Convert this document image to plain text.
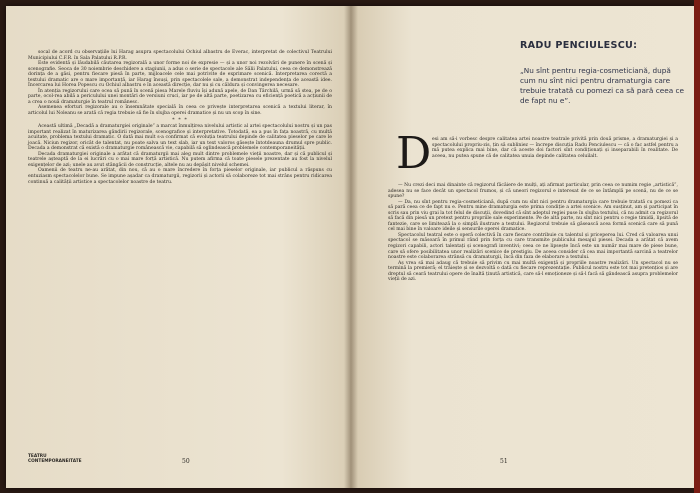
socal de acord cu observațiile lui Harag asupra spectacolului Ochiul albastru de Everac, interpretat de colectivul Teatrului Municipiului C.F.R. în Sala Palatului R.P.R.

Este evidentă și lăudabilă căutarea regizorală a unor forme noi de expresie — și a unor noi rezolvări de punere în scenă și scenografie. Seoca de 30 noiembrie deschidere a stagiunii, a adus o serie de spectacole ale Sălii Palatului, ceea ce demonstrează dorința de a găsi, pentru fiecare piesă în parte, mijloacele cele mai potrivite de exprimare scenică. Interpretarea corectă a textului dramatic are o mare importanță, iar Harag însuși, prin spectacolele sale, a demonstrat independența de această idee. Încercarea lui Horea Popescu cu Ochiul albastru e în această direcție, dar nu și cu căldura și convingerea necesare.

În atenția regizorului care ocea să pună în scenă piesa Marele fluviu își adună apele, de Dan Tărchilă, urmă să stea, pe de o parte, ocol-rea abilă a periculului unei montări de versiuni cruci, iar pe de altă parte, poetizarea cu eficiență poetică a acțiunii de a crea o nouă dramaturgie în teatrul românesc.

Asemenea eforturi regizorale au o însemnătate specială în ceea ce privește interpretarea scenică a textului literar, în articolul lui Noleanu se arată că regia trebuie să fie în slujba operei dramatice și nu un scop în sine.

* * *

Această ultimă „Decadă a dramaturgiei originale” a marcat înmulțirea nivelului artistic al artei spectacolului nostru și un pas important realizat în maturizarea gândirii regizorale, scenografice și interpretative. Totodată, ea a pus în fața noastră, cu multă acuitate, problema textului dramatic. O dată mai mult s-a confirmat că evoluția teatrului depinde de calitatea pieselor pe care le joacă. Niciun regizor, oricât de talentat, nu poate salva un text slab, iar un text valoros găsește întotdeauna drumul spre public. Decada a demonstrat că există o dramaturgie românească vie, capabilă să oglindească problemele contemporaneității.

Decada dramaturgiei originale a arătat că dramaturgii mai aleg mult dintre problemele vieții noastre, dar și că publicul și teatrele așteaptă de la ei lucrări cu o mai mare forță artistică. Nu putem afirma că toate piesele prezentate au fost la nivelul exigențelor de azi; unele au avut stângăcii de construcție, altele nu au depășit nivelul schemei.

Oamenii de teatru ne-au arătat, din nou, că au o mare încredere în forța pieselor originale, iar publicul a răspuns cu entuziasm spectacolelor bune. Se impune așadar ca dramaturgii, regizorii și actorii să colaboreze tot mai strâns pentru ridicarea continuă a calității artistice a spectacolelor noastre de teatru.

TEATRU
CONTEMPORANEITATE	50
RADU PENCIULESCU:
„Nu sînt pentru regia-cosmeticiană, după cum nu sînt nici pentru dramaturgia care trebuie tratată cu pomezi ca să pară ceea ce de fapt nu e”.
D esi am să-i vorbesc despre calitatea artei noastre teatrale privită prin două prisme, a dramaturgiei și a spectacolului propriu-zis, țin să subliniez — încrepe discuția Radu Penciulescu — că o fac astfel pentru a mă putea explica mai bine, dar că aceste doi factori sînt condiționați și inseparabili în realitate. De aceea, nu putea spune că de calitatea unuia depinde calitatea celuilalt.

— Nu crezi deci mai dinainte că regizorul fâcâiere de mulți, ați afirmat particular, prin ceea ce numim regie „artistică”, adesea nu se face decât un spectacol frumos, și că uneori regizorul e interesat de ce se întâmplă pe scenă, nu de ce se spune?

— Da, nu sînt pentru regia-cosmeticiană, după cum nu sînt nici pentru dramaturgia care trebuie tratată cu pomezi ca să pară ceea ce de fapt nu e. Pentru mine dramaturgia este prima condiție a artei scenice. Am susținut, am și participat în scris sau prin viu grai la tot felul de discuții, dovedind că sînt adeptul regiei puse în slujba textului, că nu admit ca regizorul să facă din piesă un pretext pentru propriile sale experimente. Pe de altă parte, nu sînt nici pentru o regie timidă, lipsită de fantezie, care se limitează la o simplă ilustrare a textului. Regizorul trebuie să găsească acea formă scenică care să pună cel mai bine în valoare ideile și sensurile operei dramatice.

Spectacolul teatral este o operă colectivă în care fiecare contribuie cu talentul și priceperea lui. Cred că valoarea unui spectacol se măsoară în primul rând prin forța cu care transmite publicului mesajul piesei. Decada a arătat că avem regizori capabili, actori talentați și scenografi inventivi; ceea ce ne lipsește încă este un număr mai mare de piese bune, care să ofere posibilitatea unor realizări scenice de prestigiu. De aceea consider că cea mai importantă sarcină a teatrelor noastre este colaborarea strânsă cu dramaturgii, încă din faza de elaborare a textului.

Aș vrea să mai adaug că trebuie să privim cu mai multă exigență și propriile noastre realizări. Un spectacol nu se termină la premieră; el trăiește și se dezvoltă o dată cu fiecare reprezentație. Publicul nostru este tot mai pretențios și are dreptul să ceară teatrului opere de înaltă ținută artistică, care să-l emoționeze și să-l facă să gândească asupra problemelor vieții de azi.

51
